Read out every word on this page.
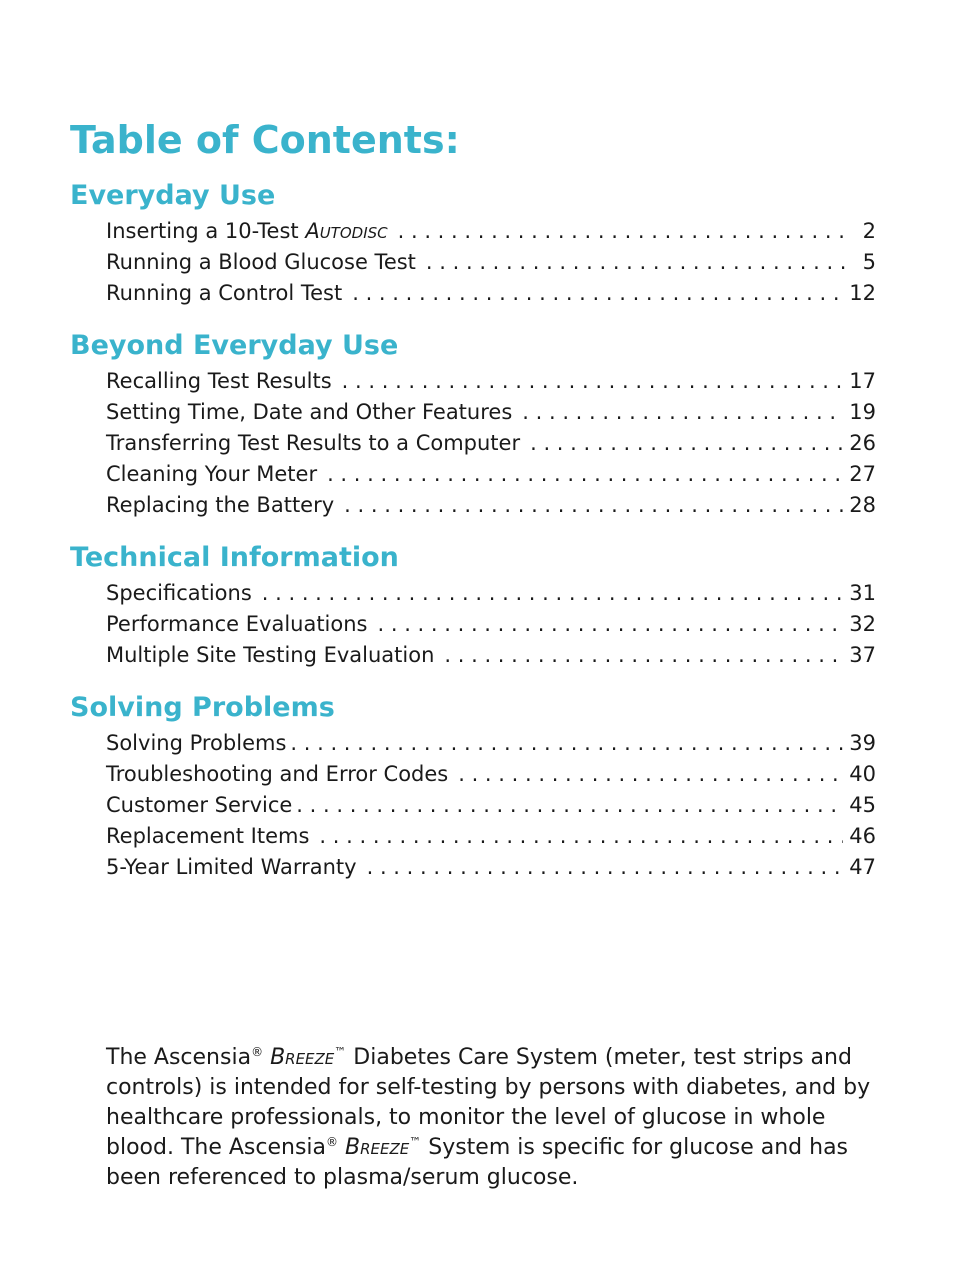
Table of Contents:
Everyday Use
Inserting a 10-Test Autodisc . . .	2
Running a Blood Glucose Test . . .	5
Running a Control Test . . .	12
Beyond Everyday Use
Recalling Test Results . . .	17
Setting Time, Date and Other Features . . .	19
Transferring Test Results to a Computer . . .	26
Cleaning Your Meter . . .	27
Replacing the Battery . . .	28
Technical Information
Specifications . . .	31
Performance Evaluations . . .	32
Multiple Site Testing Evaluation . . .	37
Solving Problems
Solving Problems . . .	39
Troubleshooting and Error Codes . . .	40
Customer Service . . .	45
Replacement Items . . .	46
5-Year Limited Warranty . . .	47

The Ascensia® Breeze™ Diabetes Care System (meter, test strips and controls) is intended for self-testing by persons with diabetes, and by healthcare professionals, to monitor the level of glucose in whole blood. The Ascensia® Breeze™ System is specific for glucose and has been referenced to plasma/serum glucose.
